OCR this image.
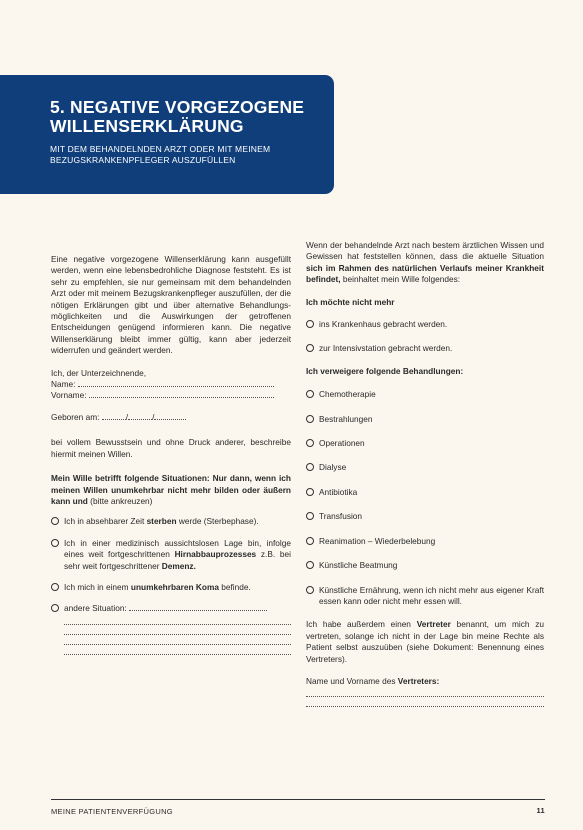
5. NEGATIVE VORGEZOGENE WILLENSERKLÄRUNG
MIT DEM BEHANDELNDEN ARZT ODER MIT MEINEM BEZUGSKRANKENPFLEGER AUSZUFÜLLEN
Eine negative vorgezogene Willenserklärung kann ausgefüllt werden, wenn eine lebensbedrohliche Diagnose feststeht. Es ist sehr zu empfehlen, sie nur gemeinsam mit dem behandelnden Arzt oder mit meinem Bezugskrankenpfleger auszufüllen, der die nötigen Erklärungen gibt und über alternative Behandlungsmöglichkeiten und die Auswirkungen der getroffenen Entscheidungen genügend informieren kann. Die negative Willenserklärung bleibt immer gültig, kann aber jederzeit widerrufen und geändert werden.
Ich, der Unterzeichnende,
Name:
Vorname:
Geboren am:	/	/
bei vollem Bewusstsein und ohne Druck anderer, beschreibe hiermit meinen Willen.
Mein Wille betrifft folgende Situationen: Nur dann, wenn ich meinen Willen unumkehrbar nicht mehr bilden oder äußern kann und (bitte ankreuzen)
Ich in absehbarer Zeit sterben werde (Sterbephase).
Ich in einer medizinisch aussichtslosen Lage bin, infolge eines weit fortgeschrittenen Hirnabbauprozesses z.B. bei sehr weit fortgeschrittener Demenz.
Ich mich in einem unumkehrbaren Koma befinde.
andere Situation:
Wenn der behandelnde Arzt nach bestem ärztlichen Wissen und Gewissen hat feststellen können, dass die aktuelle Situation sich im Rahmen des natürlichen Verlaufs meiner Krankheit befindet, beinhaltet mein Wille folgendes:
Ich möchte nicht mehr
ins Krankenhaus gebracht werden.
zur Intensivstation gebracht werden.
Ich verweigere folgende Behandlungen:
Chemotherapie
Bestrahlungen
Operationen
Dialyse
Antibiotika
Transfusion
Reanimation – Wiederbelebung
Künstliche Beatmung
Künstliche Ernährung, wenn ich nicht mehr aus eigener Kraft essen kann oder nicht mehr essen will.
Ich habe außerdem einen Vertreter benannt, um mich zu vertreten, solange ich nicht in der Lage bin meine Rechte als Patient selbst auszuüben (siehe Dokument: Benennung eines Vertreters).
Name und Vorname des Vertreters:
MEINE PATIENTENVERFÜGUNG	11
